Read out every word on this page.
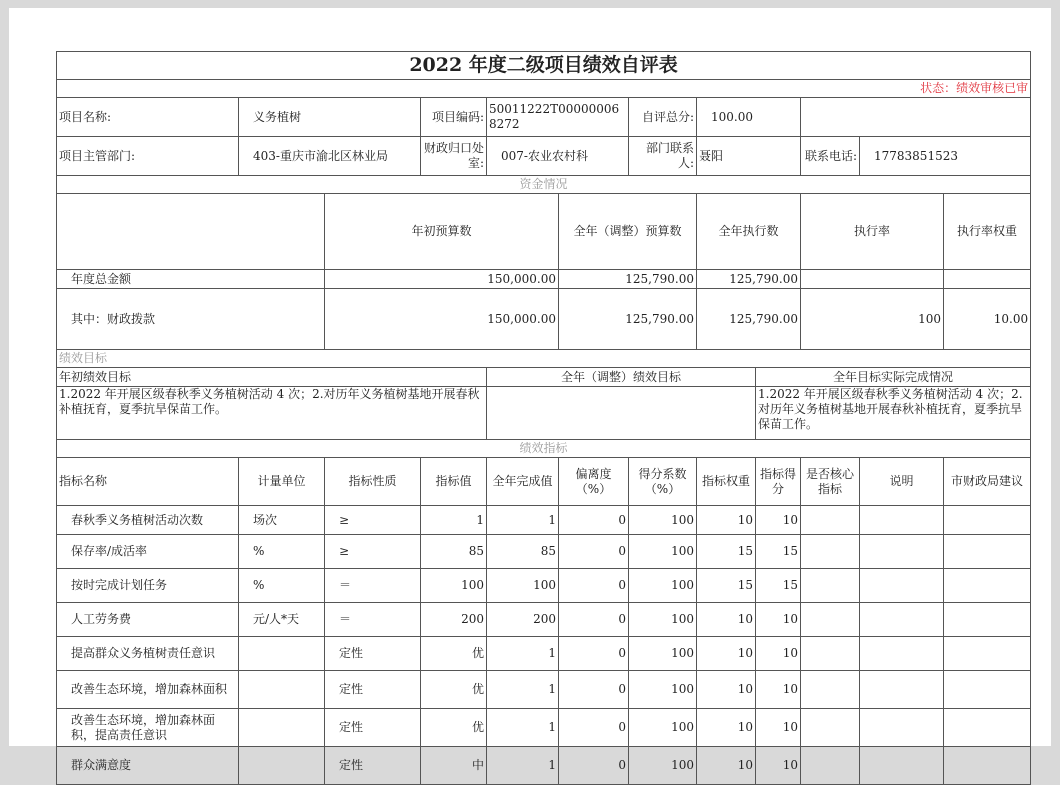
2022 年度二级项目绩效自评表												
状态：绩效审核已审												
项目名称:	义务植树		项目编码:	50011222T000000068272		自评总分:	100.00					
项目主管部门:	403-重庆市渝北区林业局		财政归口处室:	007-农业农村科		部门联系人:	聂阳		联系电话:	17783851523		
资金情况												
		年初预算数			全年（调整）预算数		全年执行数		执行率		执行率权重	
年度总金额		150,000.00			125,790.00		125,790.00					
其中：财政拨款		150,000.00			125,790.00		125,790.00		100		10.00	
绩效目标												
年初绩效目标				全年（调整）绩效目标				全年目标实际完成情况				
1.2022 年开展区级春秋季义务植树活动 4 次；2.对历年义务植树基地开展春秋补植抚育，夏季抗旱保苗工作。								1.2022 年开展区级春秋季义务植树活动 4 次；2.对历年义务植树基地开展春秋补植抚育，夏季抗旱保苗工作。				
绩效指标												
指标名称	计量单位	指标性质	指标值	全年完成值	偏离度（%）	得分系数（%）	指标权重	指标得分	是否核心指标	说明	市财政局建议	
春秋季义务植树活动次数	场次	≥	1	1	0	100	10	10				
保存率/成活率	%	≥	85	85	0	100	15	15				
按时完成计划任务	%	＝	100	100	0	100	15	15				
人工劳务费	元/人*天	＝	200	200	0	100	10	10				
提高群众义务植树责任意识		定性	优	1	0	100	10	10				
改善生态环境，增加森林面积		定性	优	1	0	100	10	10				
改善生态环境，增加森林面积，提高责任意识		定性	优	1	0	100	10	10				
群众满意度		定性	中	1	0	100	10	10				
